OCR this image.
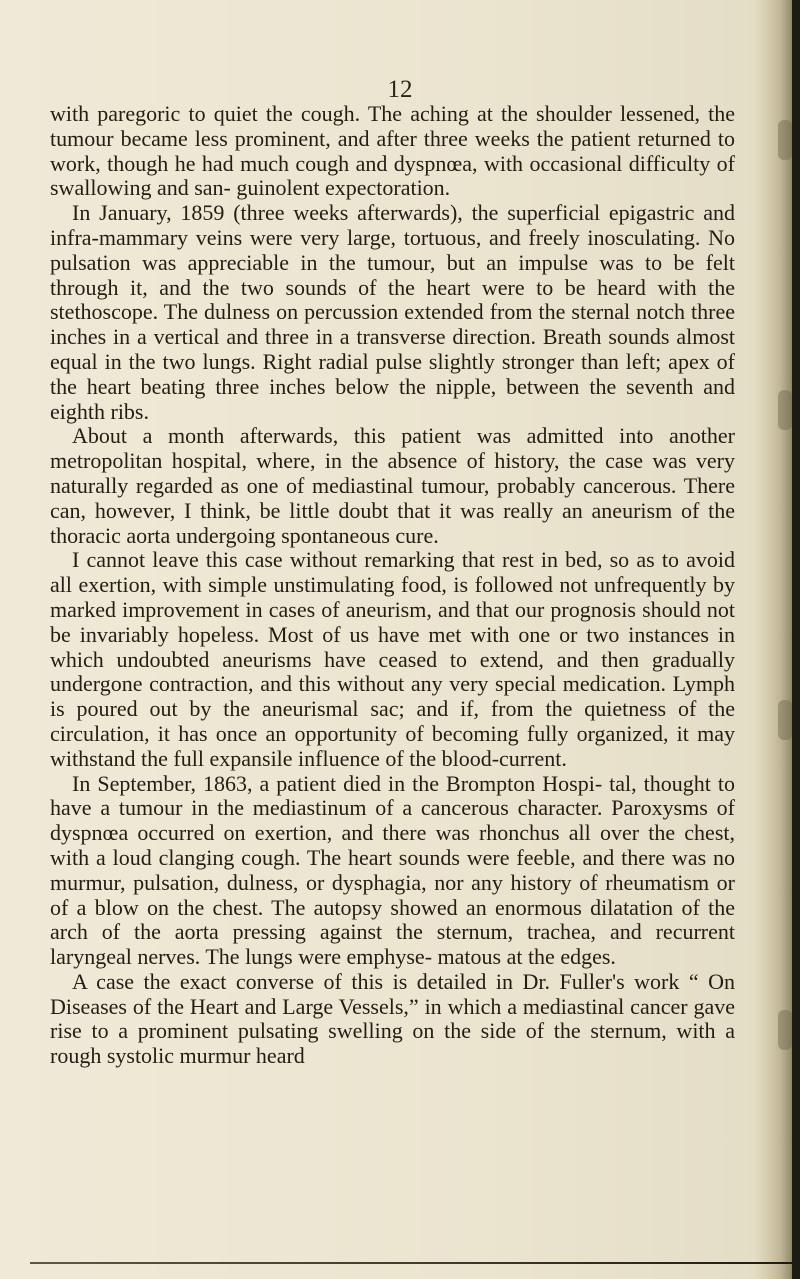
12

with paregoric to quiet the cough. The aching at the shoulder lessened, the tumour became less prominent, and after three weeks the patient returned to work, though he had much cough and dyspnœa, with occasional difficulty of swallowing and san- guinolent expectoration.

In January, 1859 (three weeks afterwards), the superficial epigastric and infra-mammary veins were very large, tortuous, and freely inosculating. No pulsation was appreciable in the tumour, but an impulse was to be felt through it, and the two sounds of the heart were to be heard with the stethoscope. The dulness on percussion extended from the sternal notch three inches in a vertical and three in a transverse direction. Breath sounds almost equal in the two lungs. Right radial pulse slightly stronger than left; apex of the heart beating three inches below the nipple, between the seventh and eighth ribs.

About a month afterwards, this patient was admitted into another metropolitan hospital, where, in the absence of history, the case was very naturally regarded as one of mediastinal tumour, probably cancerous. There can, however, I think, be little doubt that it was really an aneurism of the thoracic aorta undergoing spontaneous cure.

I cannot leave this case without remarking that rest in bed, so as to avoid all exertion, with simple unstimulating food, is followed not unfrequently by marked improvement in cases of aneurism, and that our prognosis should not be invariably hopeless. Most of us have met with one or two instances in which undoubted aneurisms have ceased to extend, and then gradually undergone contraction, and this without any very special medication. Lymph is poured out by the aneurismal sac; and if, from the quietness of the circulation, it has once an opportunity of becoming fully organized, it may withstand the full expansile influence of the blood-current.

In September, 1863, a patient died in the Brompton Hospi- tal, thought to have a tumour in the mediastinum of a cancerous character. Paroxysms of dyspnœa occurred on exertion, and there was rhonchus all over the chest, with a loud clanging cough. The heart sounds were feeble, and there was no murmur, pulsation, dulness, or dysphagia, nor any history of rheumatism or of a blow on the chest. The autopsy showed an enormous dilatation of the arch of the aorta pressing against the sternum, trachea, and recurrent laryngeal nerves. The lungs were emphyse- matous at the edges.

A case the exact converse of this is detailed in Dr. Fuller's work “ On Diseases of the Heart and Large Vessels,” in which a mediastinal cancer gave rise to a prominent pulsating swelling on the side of the sternum, with a rough systolic murmur heard
